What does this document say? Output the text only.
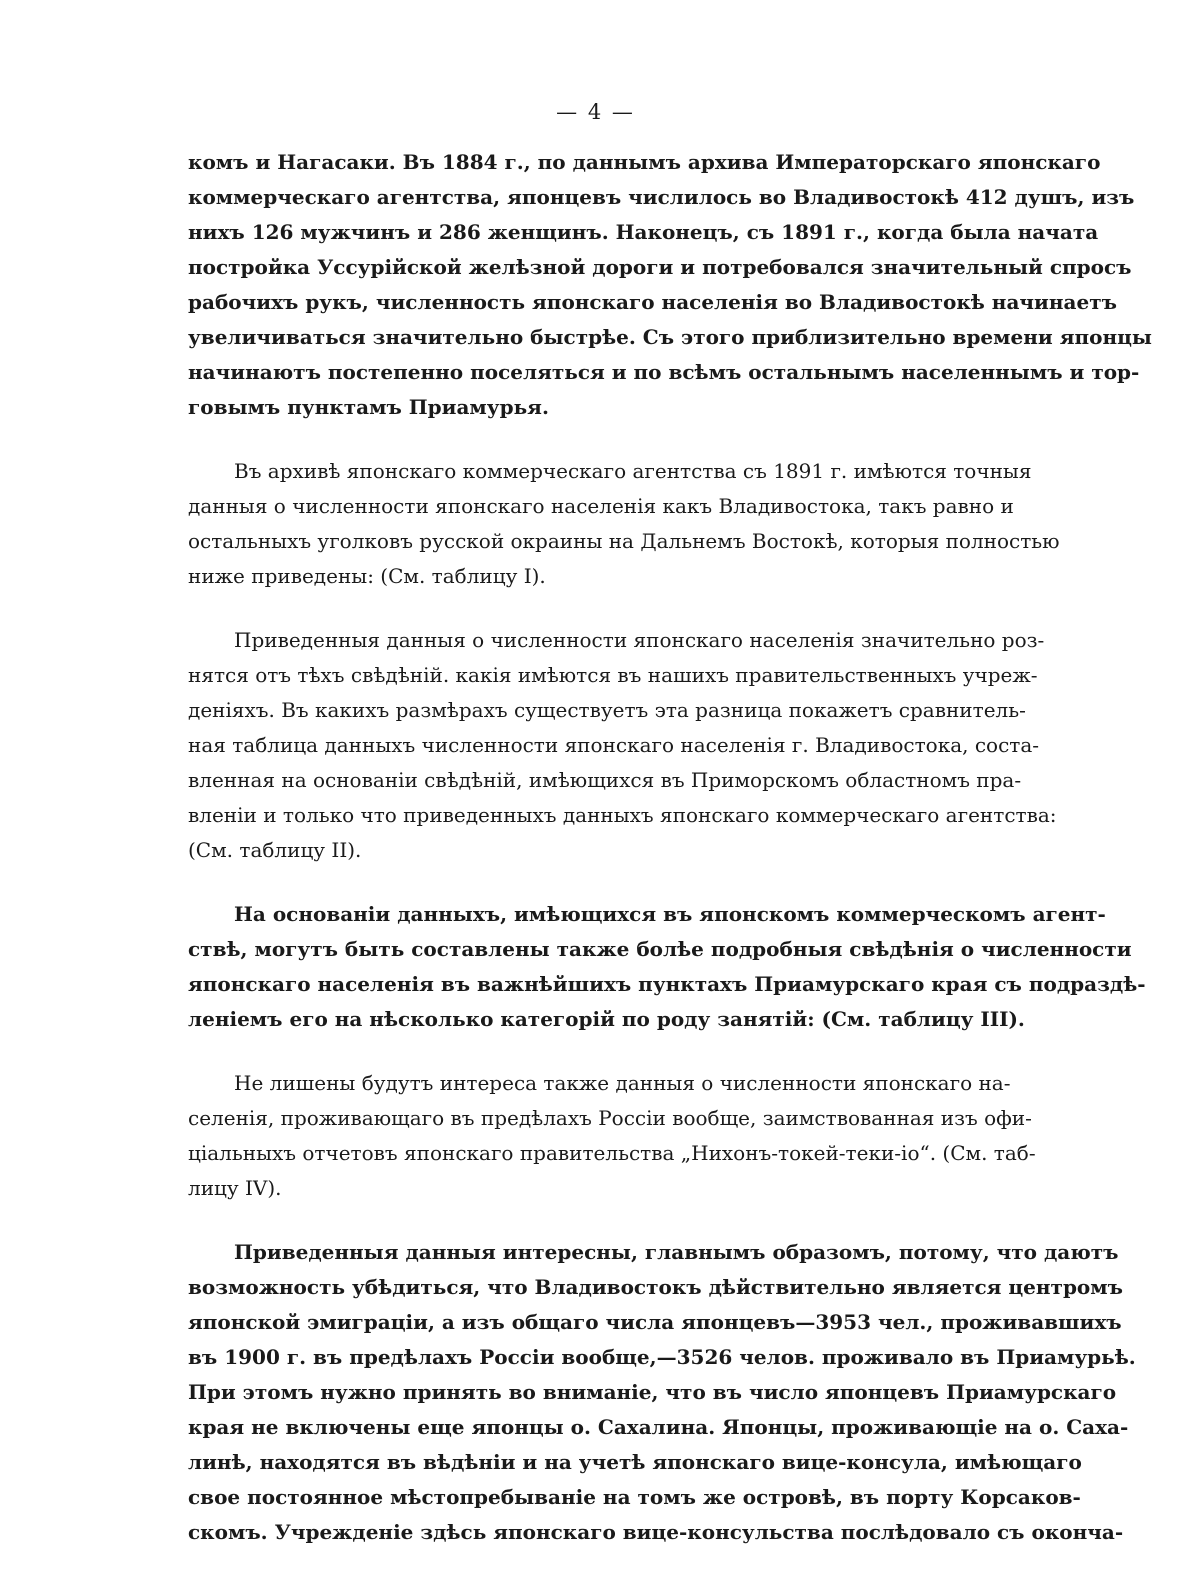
— 4 —
комъ и Нагасаки. Въ 1884 г., по даннымъ архива Императорскаго японскаго
коммерческаго агентства, японцевъ числилось во Владивостокѣ 412 душъ, изъ
нихъ 126 мужчинъ и 286 женщинъ. Наконецъ, съ 1891 г., когда была начата
постройка Уссурійской желѣзной дороги и потребовался значительный спросъ
рабочихъ рукъ, численность японскаго населенія во Владивостокѣ начинаетъ
увеличиваться значительно быстрѣе. Съ этого приблизительно времени японцы
начинаютъ постепенно поселяться и по всѣмъ остальнымъ населеннымъ и тор-
говымъ пунктамъ Приамурья.
Въ архивѣ японскаго коммерческаго агентства съ 1891 г. имѣются точныя
данныя о численности японскаго населенія какъ Владивостока, такъ равно и
остальныхъ уголковъ русской окраины на Дальнемъ Востокѣ, которыя полностью
ниже приведены: (См. таблицу I).
Приведенныя данныя о численности японскаго населенія значительно роз-
нятся отъ тѣхъ свѣдѣній. какія имѣются въ нашихъ правительственныхъ учреж-
деніяхъ. Въ какихъ размѣрахъ существуетъ эта разница покажетъ сравнитель-
ная таблица данныхъ численности японскаго населенія г. Владивостока, состa-
вленная на основаніи свѣдѣній, имѣющихся въ Приморскомъ областномъ пра-
вленіи и только что приведенныхъ данныхъ японскаго коммерческаго агентства:
(См. таблицу II).
На основаніи данныхъ, имѣющихся въ японскомъ коммерческомъ агент-
ствѣ, могутъ быть составлены также болѣе подробныя свѣдѣнія о численности
японскаго населенія въ важнѣйшихъ пунктахъ Приамурскаго края съ подраздѣ-
леніемъ его на нѣсколько категорій по роду занятій: (См. таблицу III).
Не лишены будутъ интереса также данныя о численности японскаго на-
селенія, проживающаго въ предѣлахъ Россіи вообще, заимствованная изъ офи-
ціальныхъ отчетовъ японскаго правительства „Нихонъ-токей-теки-іо“. (См. таб-
лицу IV).
Приведенныя данныя интересны, главнымъ образомъ, потому, что даютъ
возможность убѣдиться, что Владивостокъ дѣйствительно является центромъ
японской эмиграціи, а изъ общаго числа японцевъ—3953 чел., проживавшихъ
въ 1900 г. въ предѣлахъ Россіи вообще,—3526 челов. проживало въ Приамурьѣ.
При этомъ нужно принять во вниманіе, что въ число японцевъ Приамурскаго
края не включены еще японцы о. Сахалина. Японцы, проживающіе на о. Саха-
линѣ, находятся въ вѣдѣніи и на учетѣ японскаго вице-консула, имѣющаго
свое постоянное мѣстопребываніе на томъ же островѣ, въ порту Корсаков-
скомъ. Учрежденіе здѣсь японскаго вице-консульства послѣдовало съ оконча-
